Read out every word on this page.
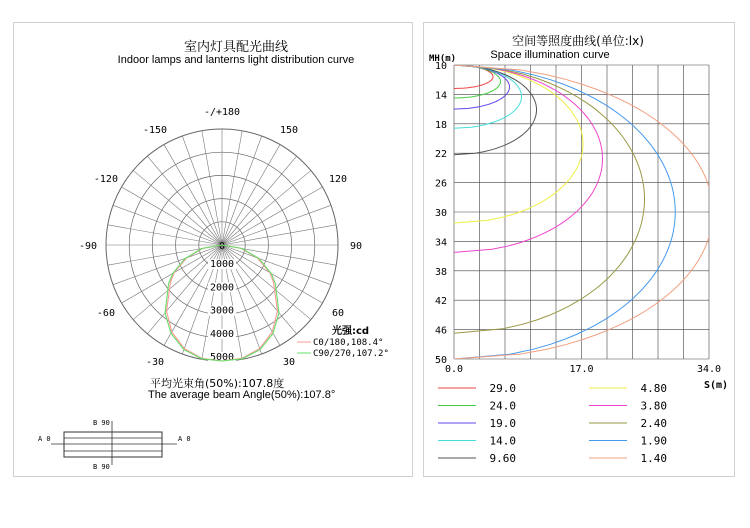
室内灯具配光曲线
Indoor lamps and lanterns light distribution curve
-150
-120
-90
-60
-30	30
60
90
120
150
-/+180
0
1000
2000
3000
4000
5000
光强:cd
C0/180,108.4°
C90/270,107.2°
平均光束角(50%):107.8度
The average beam Angle(50%):107.8°
A 0	A 0
B 90
B 90
空间等照度曲线(单位:lx)
Space illumination curve
MH(m)
S(m)
10
14
18
22
26
30
34
38
42
46
50
0.0	17.0	34.0
29.0
24.0
19.0
14.0
9.60
4.80
3.80
2.40
1.90
1.40
